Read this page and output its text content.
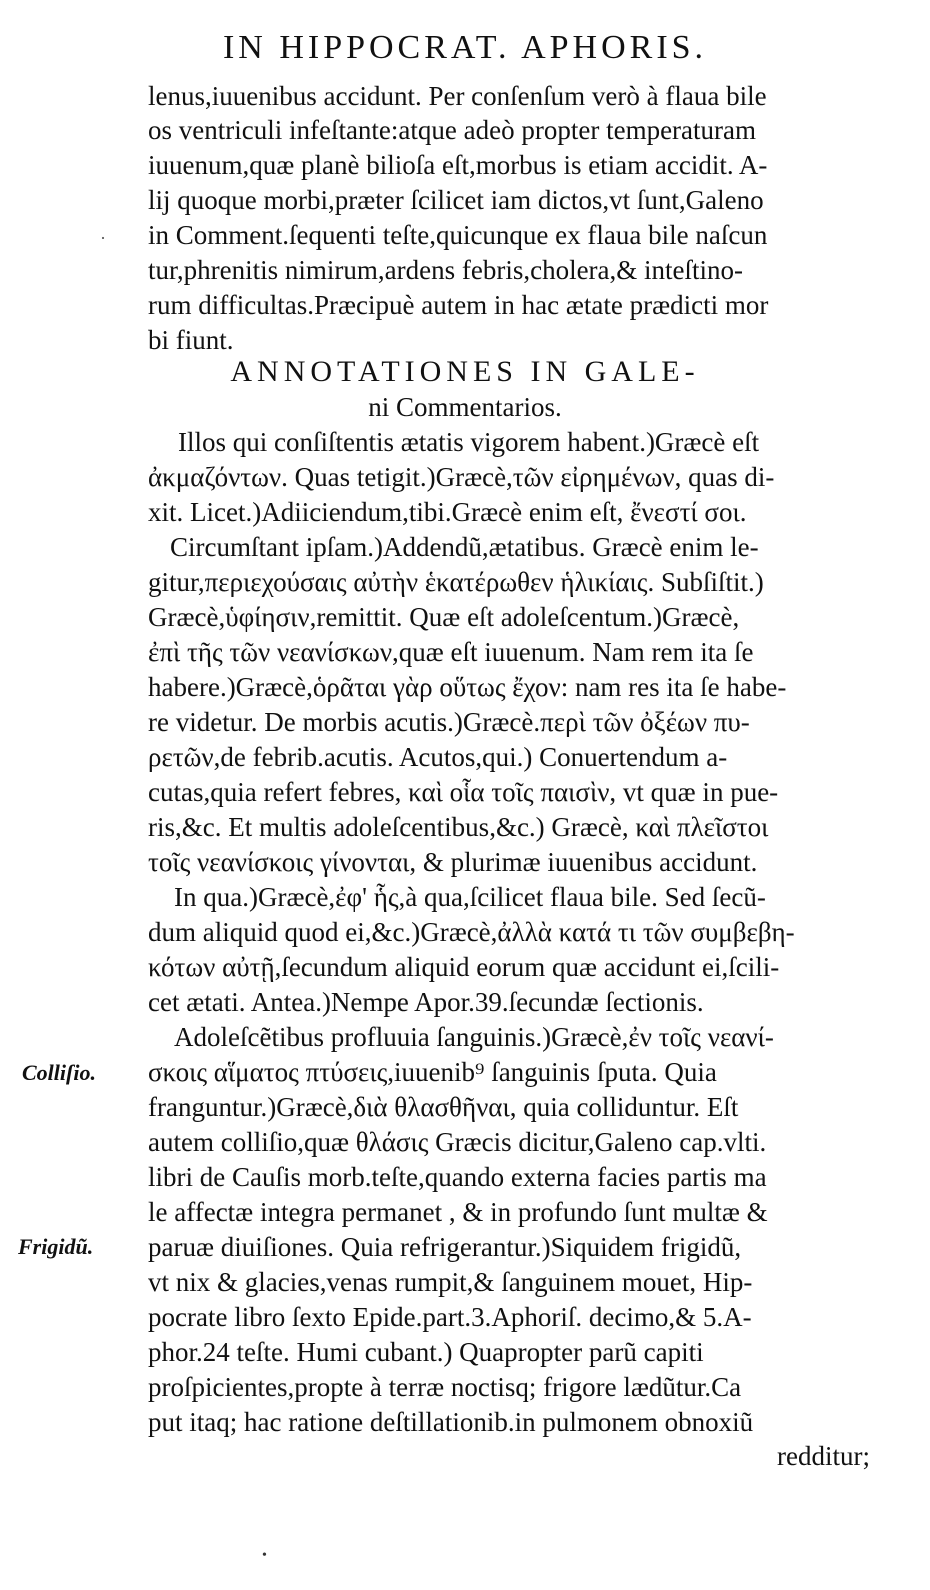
IN HIPPOCRAT. APHORIS.
lenus,iuuenibus accidunt. Per conſenſum verò à flaua bile
os ventriculi infeſtante:atque adeò propter temperaturam
iuuenum,quæ planè bilioſa eſt,morbus is etiam accidit. A-
lij quoque morbi,præter ſcilicet iam dictos,vt ſunt,Galeno
in Comment.ſequenti teſte,quicunque ex flaua bile naſcun
tur,phrenitis nimirum,ardens febris,cholera,& inteſtino-
rum difficultas.Præcipuè autem in hac ætate prædicti mor
bi fiunt.
ANNOTATIONES IN GALE-
ni Commentarios.
Illos qui conſiſtentis ætatis vigorem habent.)Græcè eſt
ἀκμαζόντων. Quas tetigit.)Græcè,τῶν εἰρημένων, quas di-
xit. Licet.)Adiiciendum,tibi.Græcè enim eſt, ἔνεστί σοι.
Circumſtant ipſam.)Addendũ,ætatibus. Græcè enim le-
gitur,περιεχούσαις αὐτὴν ἑκατέρωθεν ἡλικίαις. Subſiſtit.)
Græcè,ὑφίησιν,remittit. Quæ eſt adoleſcentum.)Græcè,
ἐπὶ τῆς τῶν νεανίσκων,quæ eſt iuuenum. Nam rem ita ſe
habere.)Græcè,ὁρᾶται γὰρ οὕτως ἔχον: nam res ita ſe habe-
re videtur. De morbis acutis.)Græcè.περὶ τῶν ὀξέων πυ-
ρετῶν,de febrib.acutis. Acutos,qui.) Conuertendum a-
cutas,quia refert febres, καὶ οἷα τοῖς παισὶν, vt quæ in pue-
ris,&c. Et multis adoleſcentibus,&c.) Græcè, καὶ πλεῖστοι
τοῖς νεανίσκοις γίνονται, & plurimæ iuuenibus accidunt.
In qua.)Græcè,ἐφ' ἧς,à qua,ſcilicet flaua bile. Sed ſecũ-
dum aliquid quod ei,&c.)Græcè,ἀλλὰ κατά τι τῶν συμβεβη-
κότων αὐτῇ,ſecundum aliquid eorum quæ accidunt ei,ſcili-
cet ætati. Antea.)Nempe Apor.39.ſecundæ ſectionis.
Adoleſcẽtibus profluuia ſanguinis.)Græcè,ἐν τοῖς νεανί-
σκοις αἵματος πτύσεις,iuuenib⁹ ſanguinis ſputa. Quia
franguntur.)Græcè,διὰ θλασθῆναι, quia colliduntur. Eſt
autem colliſio,quæ θλάσις Græcis dicitur,Galeno cap.vlti.
libri de Cauſis morb.teſte,quando externa facies partis ma
le affectæ integra permanet , & in profundo ſunt multæ &
paruæ diuiſiones. Quia refrigerantur.)Siquidem frigidũ,
vt nix & glacies,venas rumpit,& ſanguinem mouet, Hip-
pocrate libro ſexto Epide.part.3.Aphoriſ. decimo,& 5.A-
phor.24 teſte. Humi cubant.) Quapropter parũ capiti
proſpicientes,propte à terræ noctisq; frigore lædũtur.Ca
put itaq; hac ratione deſtillationib.in pulmonem obnoxiũ
redditur;
Colliſio.
Frigidũ.
·
•
